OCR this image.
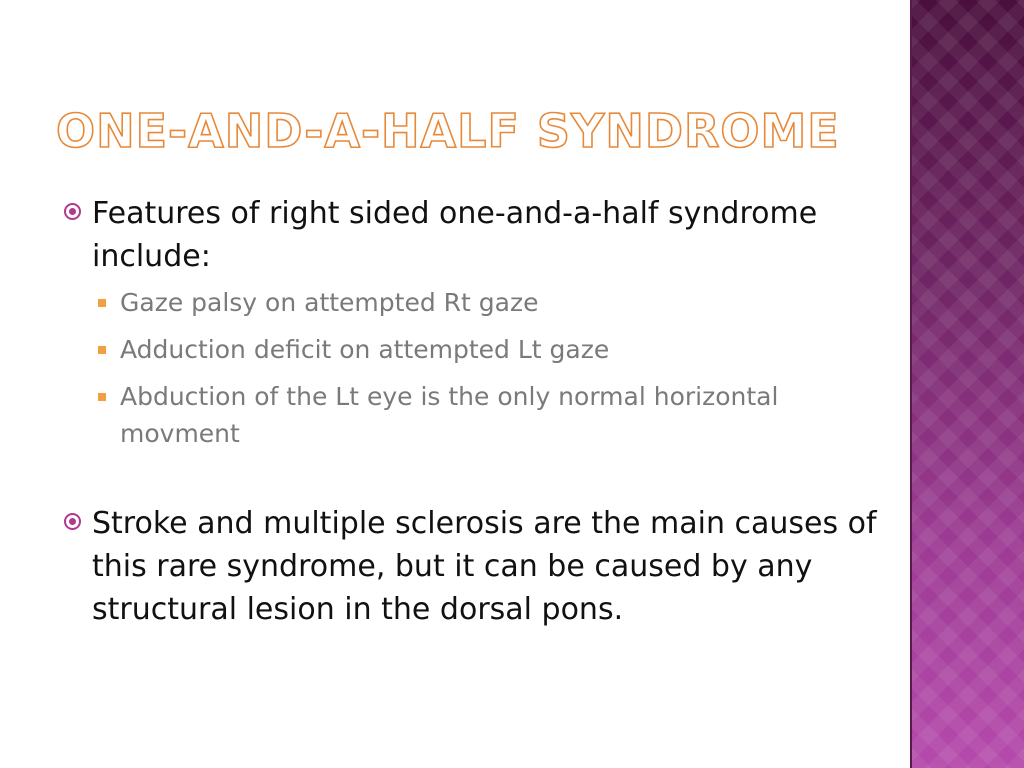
ONE-AND-A-HALF SYNDROME
Features of right sided one-and-a-half syndrome include:
Gaze palsy on attempted Rt gaze
Adduction deficit on attempted Lt gaze
Abduction of the Lt eye is the only normal horizontal movment
Stroke and multiple sclerosis are the main causes of this rare syndrome, but it can be caused by any structural lesion in the dorsal pons.
